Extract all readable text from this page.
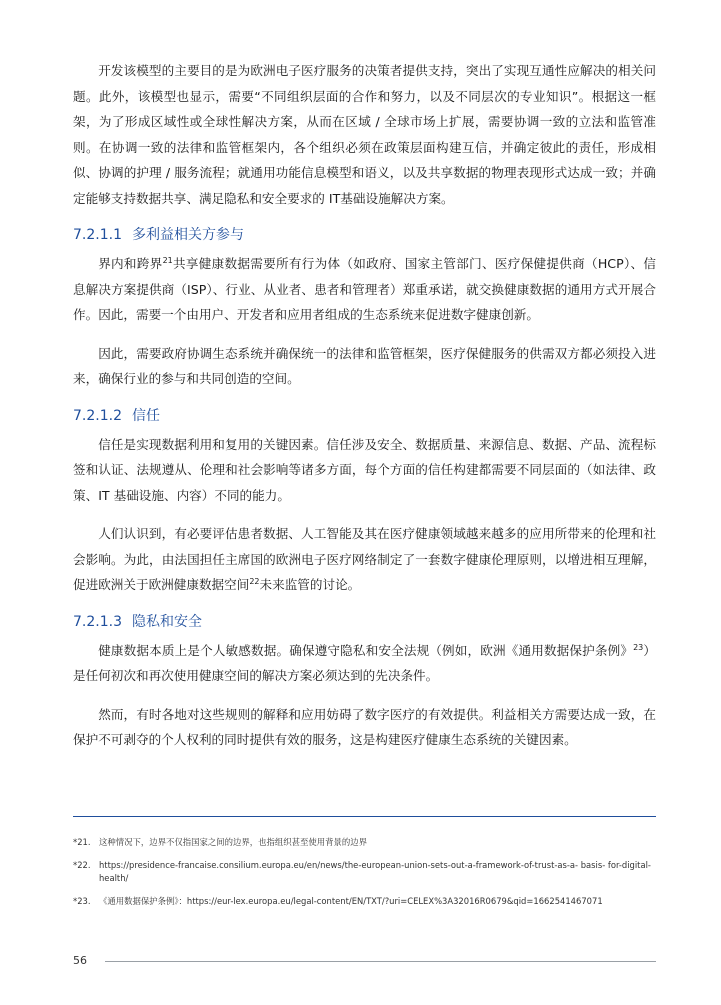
开发该模型的主要目的是为欧洲电子医疗服务的决策者提供支持，突出了实现互通性应解决的相关问题。此外，该模型也显示，需要“不同组织层面的合作和努力，以及不同层次的专业知识”。根据这一框架，为了形成区域性或全球性解决方案，从而在区域 / 全球市场上扩展，需要协调一致的立法和监管准则。在协调一致的法律和监管框架内，各个组织必须在政策层面构建互信，并确定彼此的责任，形成相似、协调的护理 / 服务流程；就通用功能信息模型和语义，以及共享数据的物理表现形式达成一致；并确定能够支持数据共享、满足隐私和安全要求的 IT基础设施解决方案。

7.2.1.1 多利益相关方参与

界内和跨界$^{21}$共享健康数据需要所有行为体（如政府、国家主管部门、医疗保健提供商（HCP）、信息解决方案提供商（ISP）、行业、从业者、患者和管理者）郑重承诺，就交换健康数据的通用方式开展合作。因此，需要一个由用户、开发者和应用者组成的生态系统来促进数字健康创新。

因此，需要政府协调生态系统并确保统一的法律和监管框架，医疗保健服务的供需双方都必须投入进来，确保行业的参与和共同创造的空间。

7.2.1.2 信任

信任是实现数据利用和复用的关键因素。信任涉及安全、数据质量、来源信息、数据、产品、流程标签和认证、法规遵从、伦理和社会影响等诸多方面，每个方面的信任构建都需要不同层面的（如法律、政策、IT 基础设施、内容）不同的能力。

人们认识到，有必要评估患者数据、人工智能及其在医疗健康领域越来越多的应用所带来的伦理和社会影响。为此，由法国担任主席国的欧洲电子医疗网络制定了一套数字健康伦理原则，以增进相互理解，促进欧洲关于欧洲健康数据空间$^{22}$未来监管的讨论。

7.2.1.3 隐私和安全

健康数据本质上是个人敏感数据。确保遵守隐私和安全法规（例如，欧洲《通用数据保护条例》$^{23}$）是任何初次和再次使用健康空间的解决方案必须达到的先决条件。

然而，有时各地对这些规则的解释和应用妨碍了数字医疗的有效提供。利益相关方需要达成一致，在保护不可剥夺的个人权利的同时提供有效的服务，这是构建医疗健康生态系统的关键因素。

*21.	这种情况下，边界不仅指国家之间的边界，也指组织甚至使用背景的边界
*22.	https://presidence-francaise.consilium.europa.eu/en/news/the-european-union-sets-out-a-framework-of-trust-as-a- basis- for-digital-health/
*23.	《通用数据保护条例》：https://eur-lex.europa.eu/legal-content/EN/TXT/?uri=CELEX%3A32016R0679&qid=1662541467071
56
